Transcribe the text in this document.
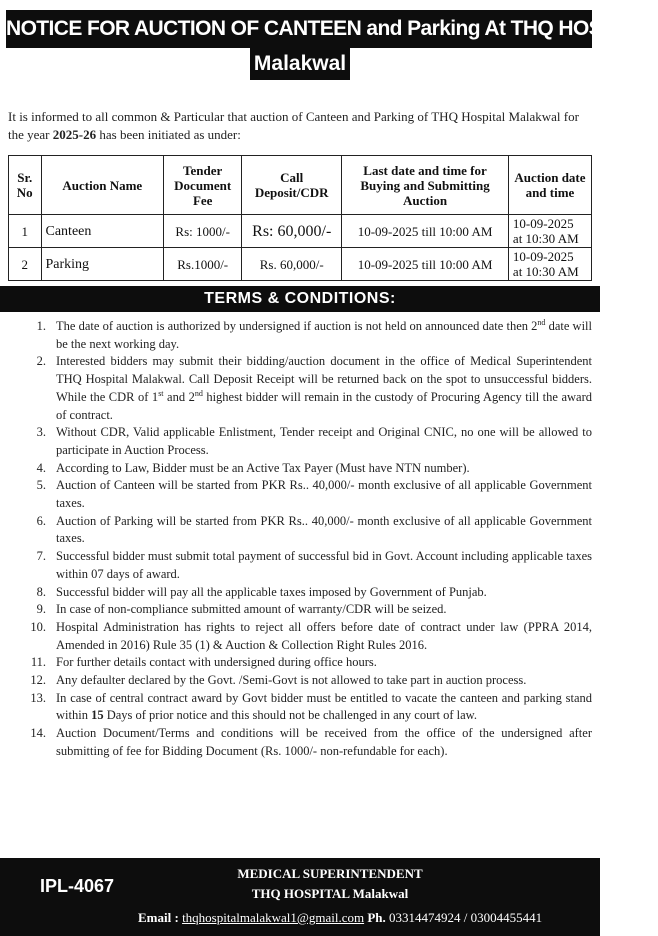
NOTICE FOR AUCTION OF CANTEEN and Parking At THQ HOSPITAL
Malakwal
It is informed to all common & Particular that auction of Canteen and Parking of THQ Hospital Malakwal for the year 2025-26 has been initiated as under:
Sr. No	Auction Name	Tender Document Fee	Call Deposit/CDR	Last date and time for Buying and Submitting Auction	Auction date and time
1	Canteen	Rs: 1000/-	Rs: 60,000/-	10-09-2025 till 10:00 AM	10-09-2025
at 10:30 AM
2	Parking	Rs.1000/-	Rs. 60,000/-	10-09-2025 till 10:00 AM	10-09-2025
at 10:30 AM
TERMS & CONDITIONS:
1. The date of auction is authorized by undersigned if auction is not held on announced date then 2nd date will be the next working day.
2. Interested bidders may submit their bidding/auction document in the office of Medical Superintendent THQ Hospital Malakwal. Call Deposit Receipt will be returned back on the spot to unsuccessful bidders. While the CDR of 1st and 2nd highest bidder will remain in the custody of Procuring Agency till the award of contract.
3. Without CDR, Valid applicable Enlistment, Tender receipt and Original CNIC, no one will be allowed to participate in Auction Process.
4. According to Law, Bidder must be an Active Tax Payer (Must have NTN number).
5. Auction of Canteen will be started from PKR Rs.. 40,000/- month exclusive of all applicable Government taxes.
6. Auction of Parking will be started from PKR Rs.. 40,000/- month exclusive of all applicable Government taxes.
7. Successful bidder must submit total payment of successful bid in Govt. Account including applicable taxes within 07 days of award.
8. Successful bidder will pay all the applicable taxes imposed by Government of Punjab.
9. In case of non-compliance submitted amount of warranty/CDR will be seized.
10. Hospital Administration has rights to reject all offers before date of contract under law (PPRA 2014, Amended in 2016) Rule 35 (1) & Auction & Collection Right Rules 2016.
11. For further details contact with undersigned during office hours.
12. Any defaulter declared by the Govt. /Semi-Govt is not allowed to take part in auction process.
13. In case of central contract award by Govt bidder must be entitled to vacate the canteen and parking stand within 15 Days of prior notice and this should not be challenged in any court of law.
14. Auction Document/Terms and conditions will be received from the office of the undersigned after submitting of fee for Bidding Document (Rs. 1000/- non-refundable for each).
IPL-4067
MEDICAL SUPERINTENDENT
THQ HOSPITAL Malakwal
Email : thqhospitalmalakwal1@gmail.com Ph. 03314474924 / 03004455441
